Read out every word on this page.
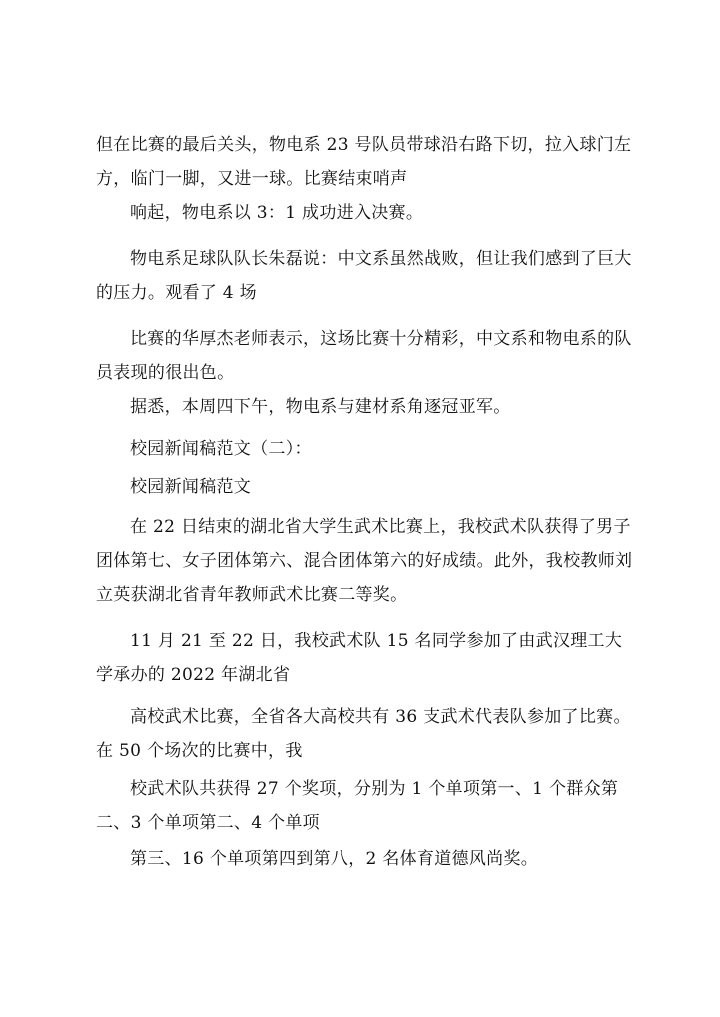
但在比赛的最后关头，物电系 23 号队员带球沿右路下切，拉入球门左方，临门一脚，又进一球。比赛结束哨声

响起，物电系以 3：1 成功进入决赛。

物电系足球队队长朱磊说：中文系虽然战败，但让我们感到了巨大的压力。观看了 4 场

比赛的华厚杰老师表示，这场比赛十分精彩，中文系和物电系的队员表现的很出色。

据悉，本周四下午，物电系与建材系角逐冠亚军。

校园新闻稿范文（二）：

校园新闻稿范文

在 22 日结束的湖北省大学生武术比赛上，我校武术队获得了男子团体第七、女子团体第六、混合团体第六的好成绩。此外，我校教师刘立英获湖北省青年教师武术比赛二等奖。

11 月 21 至 22 日，我校武术队 15 名同学参加了由武汉理工大学承办的 2022 年湖北省

高校武术比赛，全省各大高校共有 36 支武术代表队参加了比赛。在 50 个场次的比赛中，我

校武术队共获得 27 个奖项，分别为 1 个单项第一、1 个群众第二、3 个单项第二、4 个单项

第三、16 个单项第四到第八，2 名体育道德风尚奖。
